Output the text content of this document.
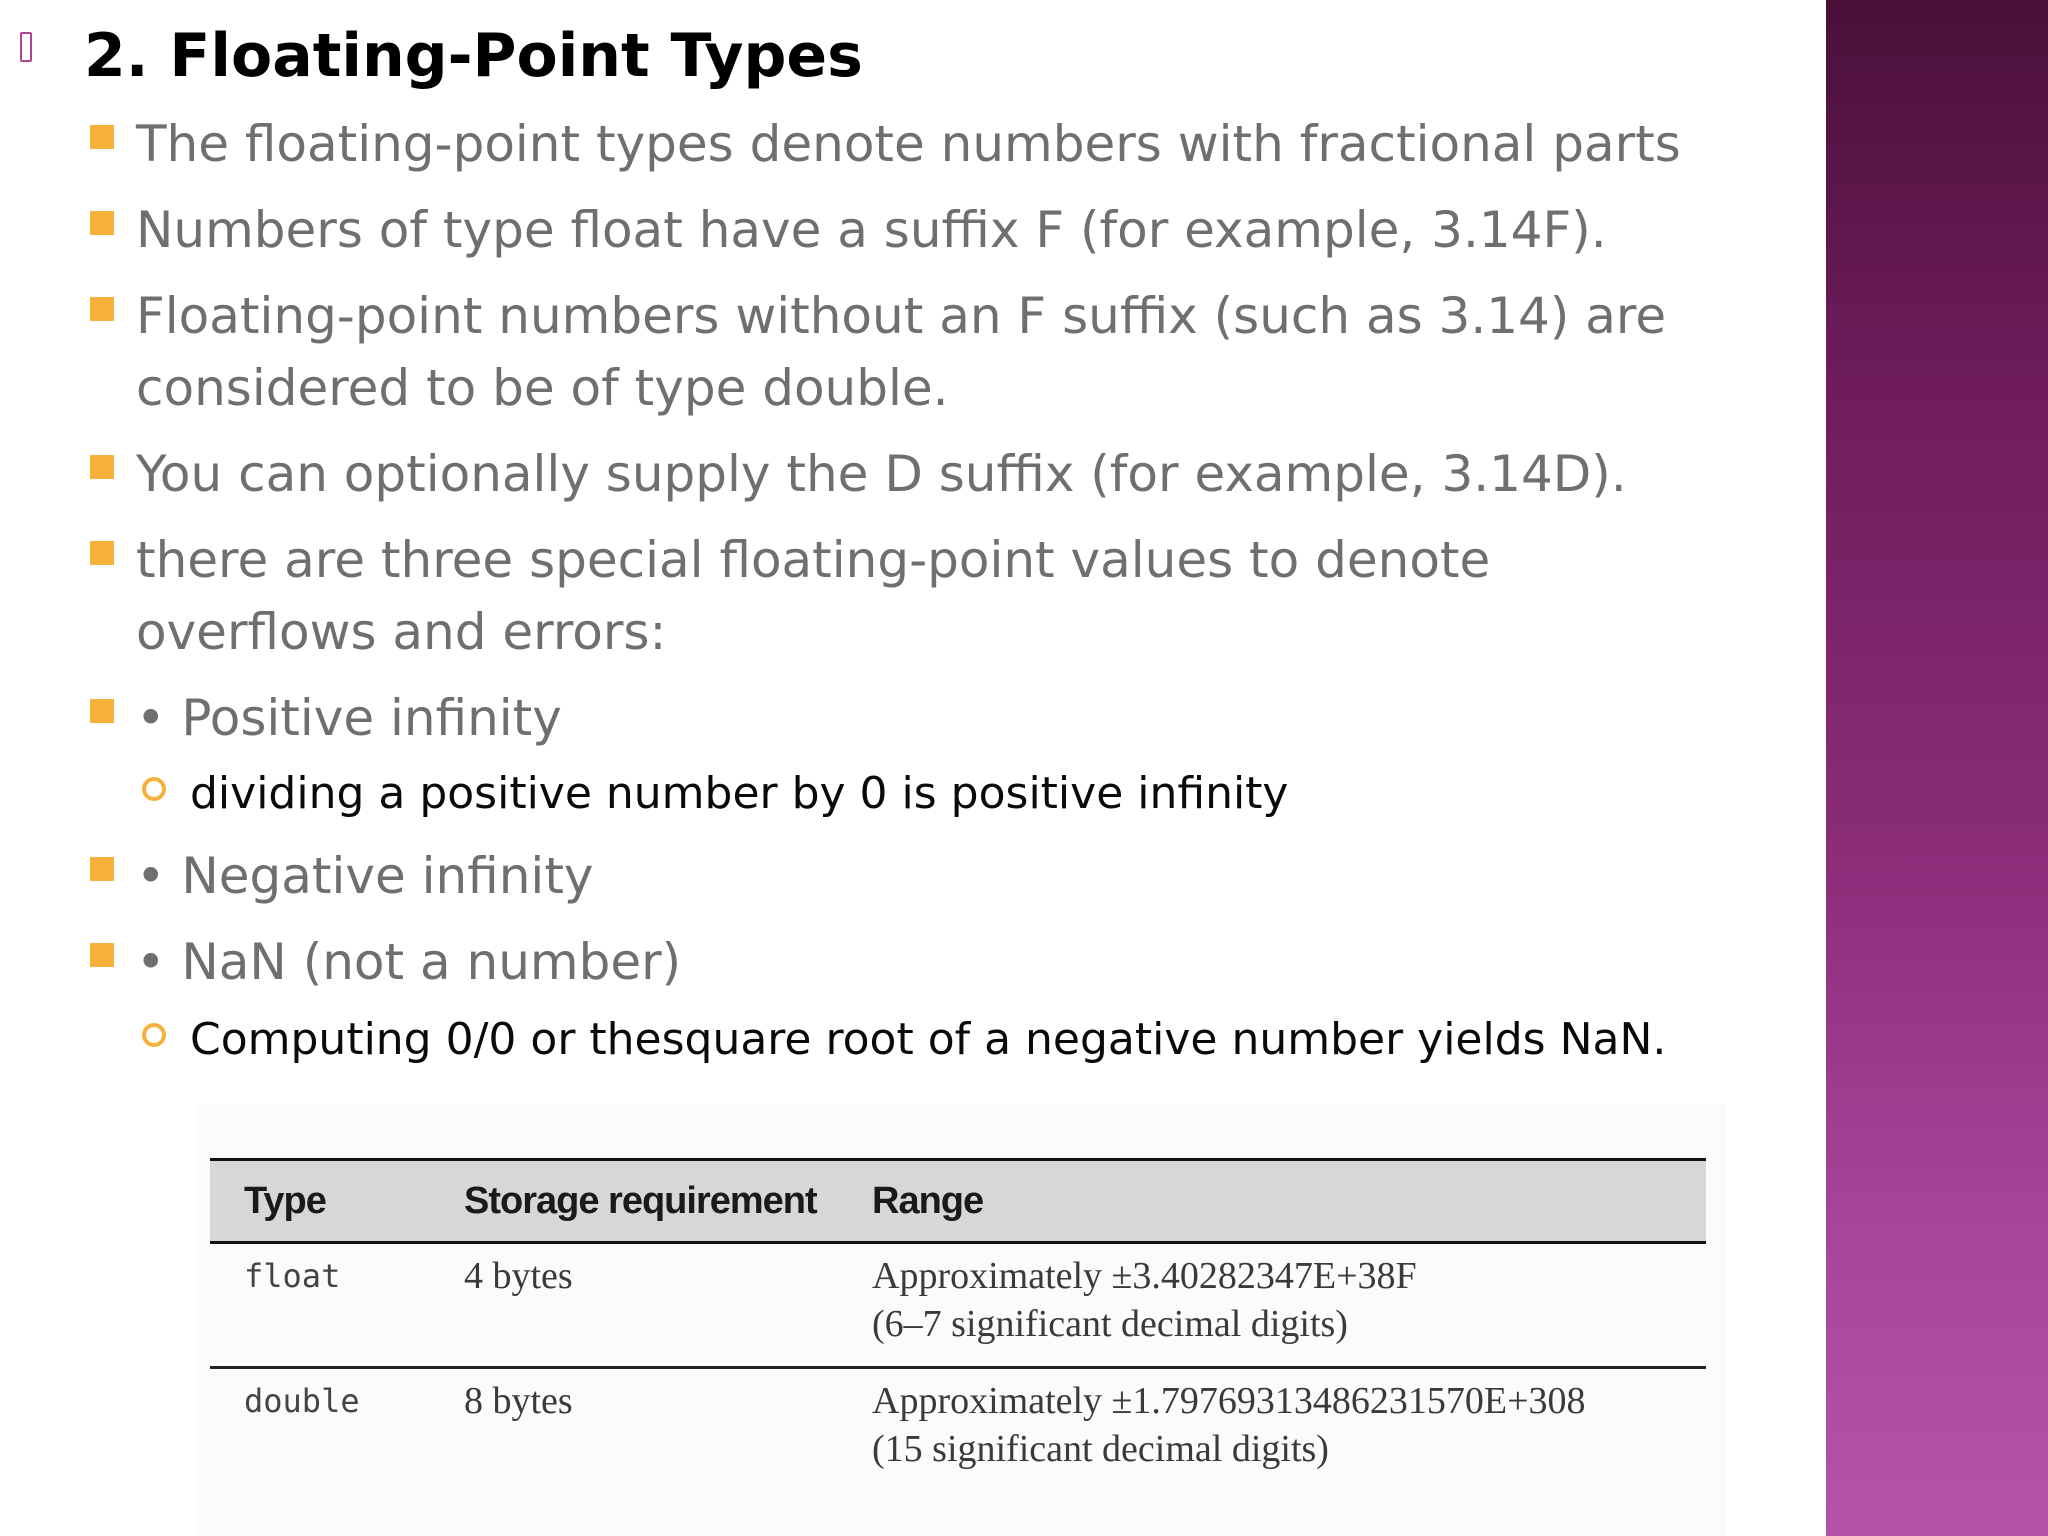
2. Floating-Point Types
The floating-point types denote numbers with fractional parts
Numbers of type float have a suffix F (for example, 3.14F).
Floating-point numbers without an F suffix (such as 3.14) are
considered to be of type double.
You can optionally supply the D suffix (for example, 3.14D).
there are three special floating-point values to denote
overflows and errors:
• Positive infinity
dividing a positive number by 0 is positive infinity
• Negative infinity
• NaN (not a number)
Computing 0/0 or thesquare root of a negative number yields NaN.
Type	Storage requirement	Range
float	4 bytes	Approximately ±3.40282347E+38F
(6–7 significant decimal digits)

double	8 bytes	Approximately ±1.79769313486231570E+308
(15 significant decimal digits)
